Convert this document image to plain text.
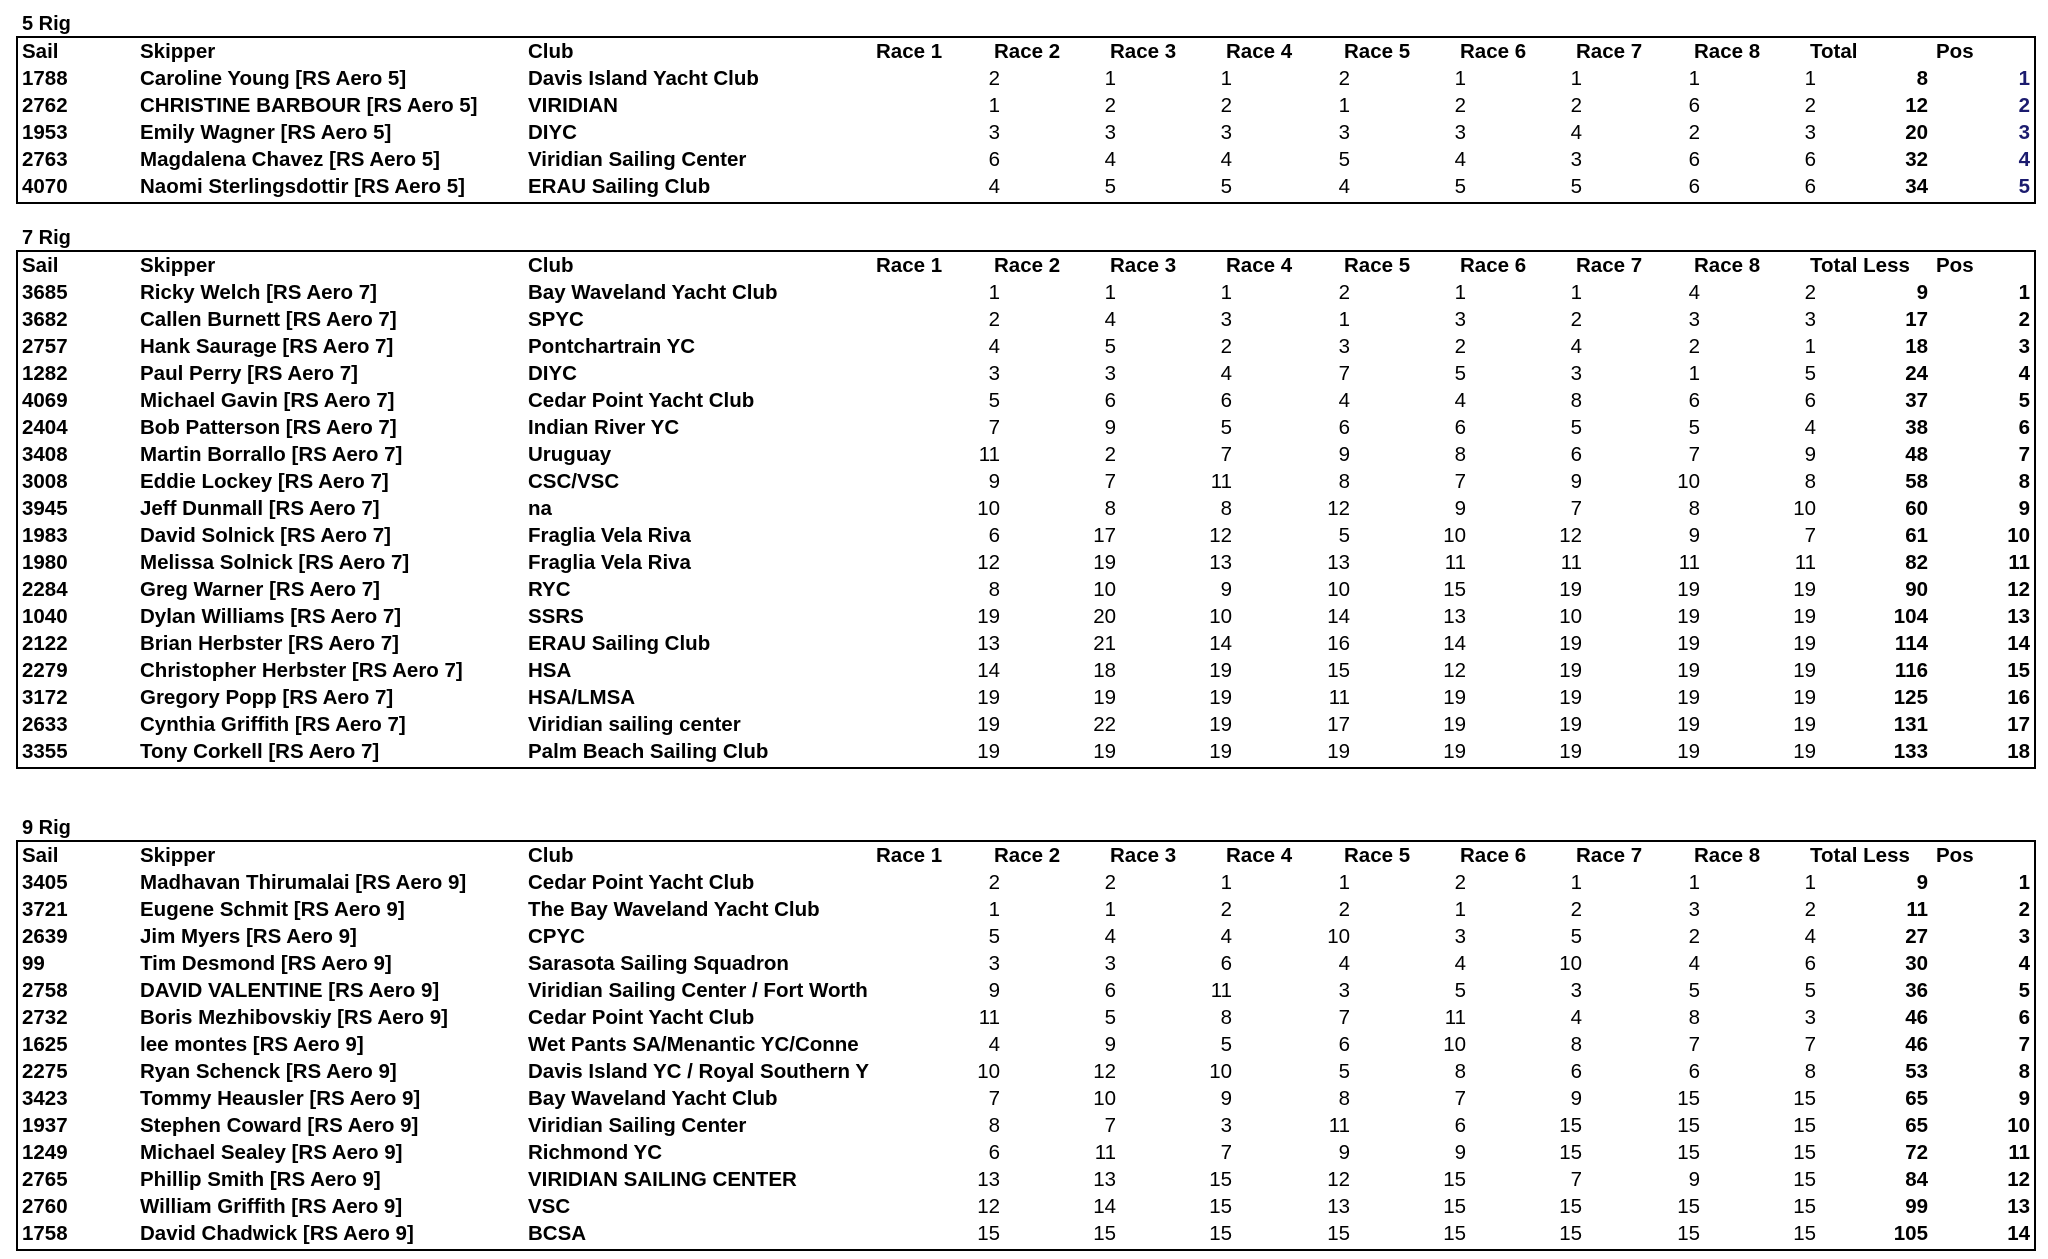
5 Rig
Sail	Skipper	Club	Race 1	Race 2	Race 3	Race 4	Race 5	Race 6	Race 7	Race 8	Total	Pos
1788	Caroline Young [RS Aero 5]	Davis Island Yacht Club	2	1	1	2	1	1	1	1	8	1
2762	CHRISTINE BARBOUR [RS Aero 5]	VIRIDIAN	1	2	2	1	2	2	6	2	12	2
1953	Emily Wagner [RS Aero 5]	DIYC	3	3	3	3	3	4	2	3	20	3
2763	Magdalena Chavez [RS Aero 5]	Viridian Sailing Center	6	4	4	5	4	3	6	6	32	4
4070	Naomi Sterlingsdottir [RS Aero 5]	ERAU Sailing Club	4	5	5	4	5	5	6	6	34	5
7 Rig
Sail	Skipper	Club	Race 1	Race 2	Race 3	Race 4	Race 5	Race 6	Race 7	Race 8	Total Less	Pos
3685	Ricky Welch [RS Aero 7]	Bay Waveland Yacht Club	1	1	1	2	1	1	4	2	9	1
3682	Callen Burnett [RS Aero 7]	SPYC	2	4	3	1	3	2	3	3	17	2
2757	Hank Saurage [RS Aero 7]	Pontchartrain YC	4	5	2	3	2	4	2	1	18	3
1282	Paul Perry [RS Aero 7]	DIYC	3	3	4	7	5	3	1	5	24	4
4069	Michael Gavin [RS Aero 7]	Cedar Point Yacht Club	5	6	6	4	4	8	6	6	37	5
2404	Bob Patterson [RS Aero 7]	Indian River YC	7	9	5	6	6	5	5	4	38	6
3408	Martin Borrallo [RS Aero 7]	Uruguay	11	2	7	9	8	6	7	9	48	7
3008	Eddie Lockey [RS Aero 7]	CSC/VSC	9	7	11	8	7	9	10	8	58	8
3945	Jeff Dunmall [RS Aero 7]	na	10	8	8	12	9	7	8	10	60	9
1983	David Solnick [RS Aero 7]	Fraglia Vela Riva	6	17	12	5	10	12	9	7	61	10
1980	Melissa Solnick [RS Aero 7]	Fraglia Vela Riva	12	19	13	13	11	11	11	11	82	11
2284	Greg Warner [RS Aero 7]	RYC	8	10	9	10	15	19	19	19	90	12
1040	Dylan Williams [RS Aero 7]	SSRS	19	20	10	14	13	10	19	19	104	13
2122	Brian Herbster [RS Aero 7]	ERAU Sailing Club	13	21	14	16	14	19	19	19	114	14
2279	Christopher Herbster [RS Aero 7]	HSA	14	18	19	15	12	19	19	19	116	15
3172	Gregory Popp [RS Aero 7]	HSA/LMSA	19	19	19	11	19	19	19	19	125	16
2633	Cynthia Griffith [RS Aero 7]	Viridian sailing center	19	22	19	17	19	19	19	19	131	17
3355	Tony Corkell [RS Aero 7]	Palm Beach Sailing Club	19	19	19	19	19	19	19	19	133	18
9 Rig
Sail	Skipper	Club	Race 1	Race 2	Race 3	Race 4	Race 5	Race 6	Race 7	Race 8	Total Less	Pos
3405	Madhavan Thirumalai [RS Aero 9]	Cedar Point Yacht Club	2	2	1	1	2	1	1	1	9	1
3721	Eugene Schmit [RS Aero 9]	The Bay Waveland Yacht Club	1	1	2	2	1	2	3	2	11	2
2639	Jim Myers [RS Aero 9]	CPYC	5	4	4	10	3	5	2	4	27	3
99	Tim Desmond [RS Aero 9]	Sarasota Sailing Squadron	3	3	6	4	4	10	4	6	30	4
2758	DAVID VALENTINE [RS Aero 9]	Viridian Sailing Center / Fort Worth	9	6	11	3	5	3	5	5	36	5
2732	Boris Mezhibovskiy [RS Aero 9]	Cedar Point Yacht Club	11	5	8	7	11	4	8	3	46	6
1625	lee montes [RS Aero 9]	Wet Pants SA/Menantic YC/Conne	4	9	5	6	10	8	7	7	46	7
2275	Ryan Schenck [RS Aero 9]	Davis Island YC / Royal Southern Y	10	12	10	5	8	6	6	8	53	8
3423	Tommy Heausler [RS Aero 9]	Bay Waveland Yacht Club	7	10	9	8	7	9	15	15	65	9
1937	Stephen Coward [RS Aero 9]	Viridian Sailing Center	8	7	3	11	6	15	15	15	65	10
1249	Michael Sealey [RS Aero 9]	Richmond YC	6	11	7	9	9	15	15	15	72	11
2765	Phillip Smith [RS Aero 9]	VIRIDIAN SAILING CENTER	13	13	15	12	15	7	9	15	84	12
2760	William Griffith [RS Aero 9]	VSC	12	14	15	13	15	15	15	15	99	13
1758	David Chadwick [RS Aero 9]	BCSA	15	15	15	15	15	15	15	15	105	14
